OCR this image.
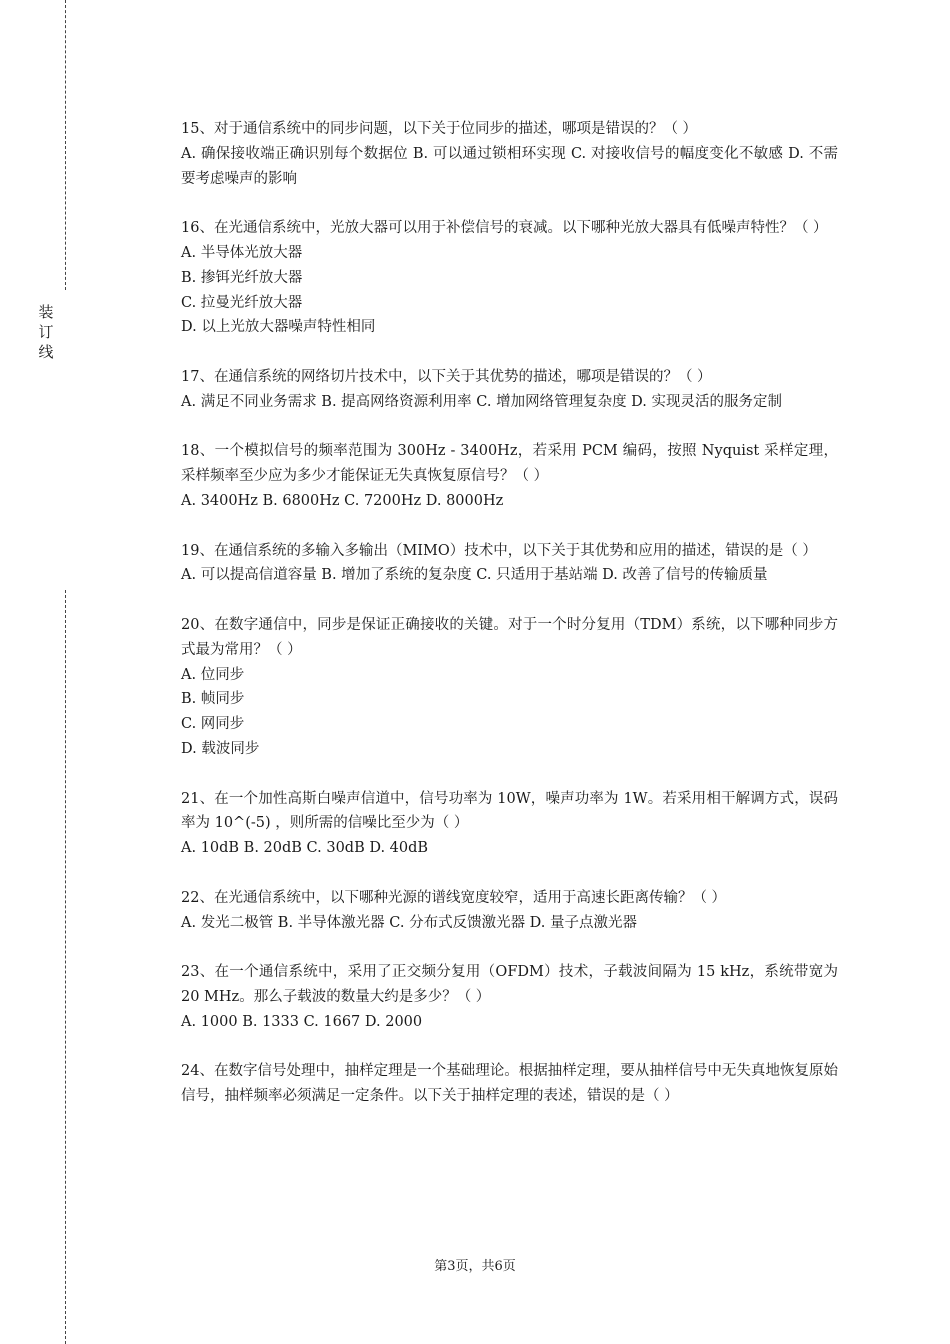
装
订
线

15、对于通信系统中的同步问题，以下关于位同步的描述，哪项是错误的？（ ）

A. 确保接收端正确识别每个数据位 B. 可以通过锁相环实现 C. 对接收信号的幅度变化不敏感 D. 不需要考虑噪声的影响

16、在光通信系统中，光放大器可以用于补偿信号的衰减。以下哪种光放大器具有低噪声特性？（ ）

A. 半导体光放大器

B. 掺铒光纤放大器

C. 拉曼光纤放大器

D. 以上光放大器噪声特性相同

17、在通信系统的网络切片技术中，以下关于其优势的描述，哪项是错误的？（ ）

A. 满足不同业务需求 B. 提高网络资源利用率 C. 增加网络管理复杂度 D. 实现灵活的服务定制

18、一个模拟信号的频率范围为 300Hz - 3400Hz，若采用 PCM 编码，按照 Nyquist 采样定理，采样频率至少应为多少才能保证无失真恢复原信号？（ ）

A. 3400Hz B. 6800Hz C. 7200Hz D. 8000Hz

19、在通信系统的多输入多输出（MIMO）技术中，以下关于其优势和应用的描述，错误的是（ ）

A. 可以提高信道容量 B. 增加了系统的复杂度 C. 只适用于基站端 D. 改善了信号的传输质量

20、在数字通信中，同步是保证正确接收的关键。对于一个时分复用（TDM）系统，以下哪种同步方式最为常用？（ ）

A. 位同步

B. 帧同步

C. 网同步

D. 载波同步

21、在一个加性高斯白噪声信道中，信号功率为 10W，噪声功率为 1W。若采用相干解调方式，误码率为 10^(-5) ，则所需的信噪比至少为（ ）

A. 10dB B. 20dB C. 30dB D. 40dB

22、在光通信系统中，以下哪种光源的谱线宽度较窄，适用于高速长距离传输？（ ）

A. 发光二极管 B. 半导体激光器 C. 分布式反馈激光器 D. 量子点激光器

23、在一个通信系统中，采用了正交频分复用（OFDM）技术，子载波间隔为 15 kHz，系统带宽为 20 MHz。那么子载波的数量大约是多少？（ ）

A. 1000 B. 1333 C. 1667 D. 2000

24、在数字信号处理中，抽样定理是一个基础理论。根据抽样定理，要从抽样信号中无失真地恢复原始信号，抽样频率必须满足一定条件。以下关于抽样定理的表述，错误的是（ ）

第3页，共6页
